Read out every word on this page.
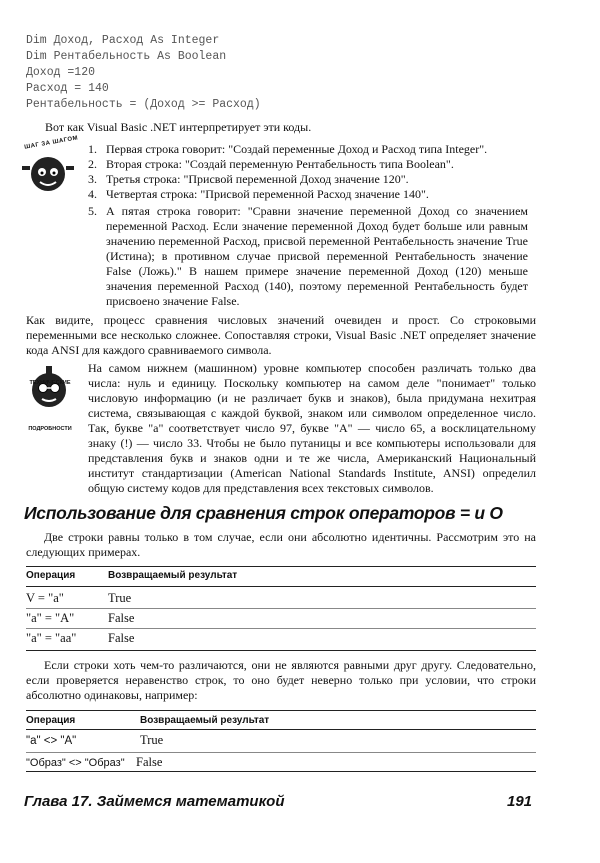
Dim Доход, Расход As Integer
Dim Рентабельность As Boolean
Доход =120
Расход = 140
Рентабельность = (Доход >= Расход)
Вот как Visual Basic .NET интерпретирует эти коды.
ШАГ ЗА ШАГОМ 1. Первая строка говорит: "Создай переменные Доход и Расход типа Integer".
2. Вторая строка: "Создай переменную Рентабельность типа Boolean".
3. Третья строка: "Присвой переменной Доход значение 120".
4. Четвертая строка: "Присвой переменной Расход значение 140".
5. А пятая строка говорит: "Сравни значение переменной Доход со значением переменной Расход. Если значение переменной Доход будет больше или равным значению переменной Расход, присвой переменной Рентабельность значение True (Истина); в противном случае присвой переменной Рентабельность значение False (Ложь)." В нашем примере значение переменной Доход (120) меньше значения переменной Расход (140), поэтому переменной Рентабельность будет присвоено значение False.
Как видите, процесс сравнения числовых значений очевиден и прост. Со строковыми переменными все несколько сложнее. Сопоставляя строки, Visual Basic .NET определяет значение кода ANSI для каждого сравниваемого символа.
ТЕХНИЧЕСКИЕ ПОДРОБНОСТИ
На самом нижнем (машинном) уровне компьютер способен различать только два числа: нуль и единицу. Поскольку компьютер на самом деле "понимает" только числовую информацию (и не различает букв и знаков), была придумана нехитрая система, связывающая с каждой буквой, знаком или символом определенное число. Так, букве "a" соответствует число 97, букве "A" — число 65, а восклицательному знаку (!) — число 33. Чтобы не было путаницы и все компьютеры использовали для представления букв и знаков одни и те же числа, Американский Национальный институт стандартизации (American National Standards Institute, ANSI) определил общую систему кодов для представления всех текстовых символов.
Использование для сравнения строк операторов = и О
Две строки равны только в том случае, если они абсолютно идентичны. Рассмотрим это на следующих примерах.
Операция	Возвращаемый результат
V = "a"	True
"a" = "A"	False
"a" = "aa"	False
Если строки хоть чем-то различаются, они не являются равными друг другу. Следовательно, если проверяется неравенство строк, то оно будет неверно только при условии, что строки абсолютно одинаковы, например:
Операция	Возвращаемый результат
"a" <> "A"	True
"Образ" <> "Образ" False
Глава 17. Займемся математикой	191
